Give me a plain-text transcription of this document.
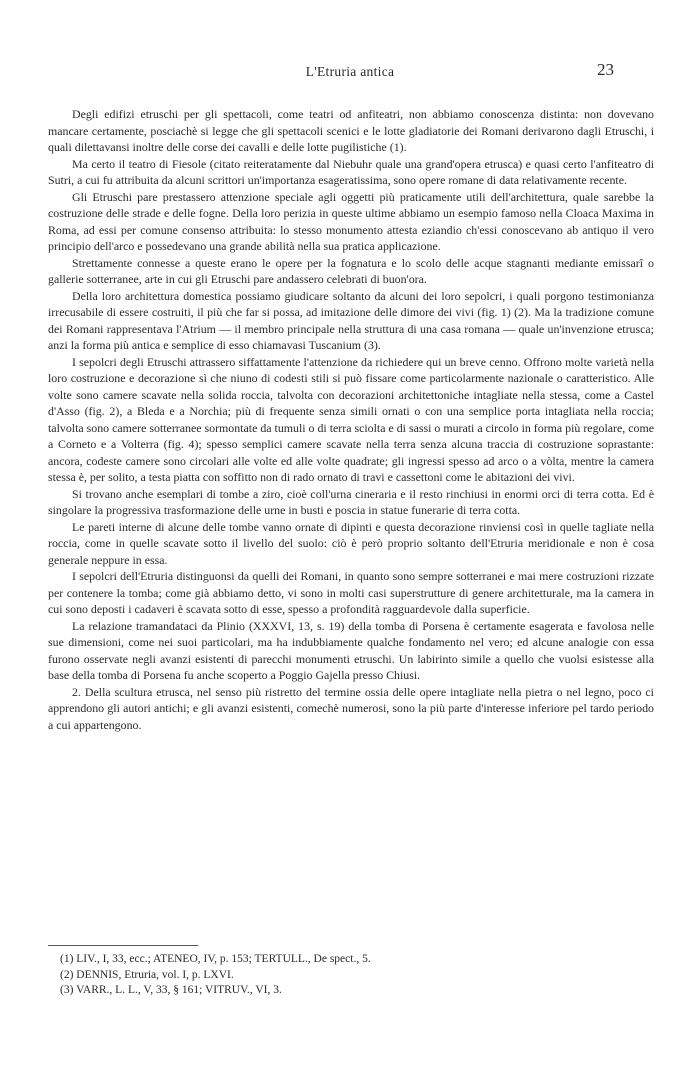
L'Etruria antica	23

Degli edifizi etruschi per gli spettacoli, come teatri od anfiteatri, non abbiamo conoscenza distinta: non dovevano mancare certamente, posciachè si legge che gli spettacoli scenici e le lotte gladiatorie dei Romani derivarono dagli Etruschi, i quali dilettavansi inoltre delle corse dei cavalli e delle lotte pugilistiche (1).

Ma certo il teatro di Fiesole (citato reiteratamente dal Niebuhr quale una grand'opera etrusca) e quasi certo l'anfiteatro di Sutri, a cui fu attribuita da alcuni scrittori un'importanza esageratissima, sono opere romane di data relativamente recente.

Gli Etruschi pare prestassero attenzione speciale agli oggetti più praticamente utili dell'architettura, quale sarebbe la costruzione delle strade e delle fogne. Della loro perizia in queste ultime abbiamo un esempio famoso nella Cloaca Maxima in Roma, ad essi per comune consenso attribuita: lo stesso monumento attesta eziandio ch'essi conoscevano ab antiquo il vero principio dell'arco e possedevano una grande abilità nella sua pratica applicazione.

Strettamente connesse a queste erano le opere per la fognatura e lo scolo delle acque stagnanti mediante emissarî o gallerie sotterranee, arte in cui gli Etruschi pare andassero celebrati di buon'ora.

Della loro architettura domestica possiamo giudicare soltanto da alcuni dei loro sepolcri, i quali porgono testimonianza irrecusabile di essere costruiti, il più che far si possa, ad imitazione delle dimore dei vivi (fig. 1) (2). Ma la tradizione comune dei Romani rappresentava l'Atrium — il membro principale nella struttura di una casa romana — quale un'invenzione etrusca; anzi la forma più antica e semplice di esso chiamavasi Tuscanium (3).

I sepolcri degli Etruschi attrassero siffattamente l'attenzione da richiedere qui un breve cenno. Offrono molte varietà nella loro costruzione e decorazione sì che niuno di codesti stili si può fissare come particolarmente nazionale o caratteristico. Alle volte sono camere scavate nella solida roccia, talvolta con decorazioni architettoniche intagliate nella stessa, come a Castel d'Asso (fig. 2), a Bleda e a Norchia; più di frequente senza simili ornati o con una semplice porta intagliata nella roccia; talvolta sono camere sotterranee sormontate da tumuli o di terra sciolta e di sassi o murati a circolo in forma più regolare, come a Corneto e a Volterra (fig. 4); spesso semplici camere scavate nella terra senza alcuna traccia di costruzione soprastante: ancora, codeste camere sono circolari alle volte ed alle volte quadrate; gli ingressi spesso ad arco o a vòlta, mentre la camera stessa è, per solito, a testa piatta con soffitto non di rado ornato di travi e cassettoni come le abitazioni dei vivi.

Si trovano anche esemplari di tombe a ziro, cioè coll'urna cineraria e il resto rinchiusi in enormi orci di terra cotta. Ed è singolare la progressiva trasformazione delle urne in busti e poscia in statue funerarie di terra cotta.

Le pareti interne di alcune delle tombe vanno ornate di dipinti e questa decorazione rinviensi così in quelle tagliate nella roccia, come in quelle scavate sotto il livello del suolo: ciò è però proprio soltanto dell'Etruria meridionale e non è cosa generale neppure in essa.

I sepolcri dell'Etruria distinguonsi da quelli dei Romani, in quanto sono sempre sotterranei e mai mere costruzioni rizzate per contenere la tomba; come già abbiamo detto, vi sono in molti casi superstrutture di genere architetturale, ma la camera in cui sono deposti i cadaveri è scavata sotto di esse, spesso a profondità ragguardevole dalla superficie.

La relazione tramandataci da Plinio (XXXVI, 13, s. 19) della tomba di Porsena è certamente esagerata e favolosa nelle sue dimensioni, come nei suoi particolari, ma ha indubbiamente qualche fondamento nel vero; ed alcune analogie con essa furono osservate negli avanzi esistenti di parecchi monumenti etruschi. Un labirinto simile a quello che vuolsi esistesse alla base della tomba di Porsena fu anche scoperto a Poggio Gajella presso Chiusi.

2. Della scultura etrusca, nel senso più ristretto del termine ossia delle opere intagliate nella pietra o nel legno, poco ci apprendono gli autori antichi; e gli avanzi esistenti, comechè numerosi, sono la più parte d'interesse inferiore pel tardo periodo a cui appartengono.

(1) LIV., I, 33, ecc.; ATENEO, IV, p. 153; TERTULL., De spect., 5.
(2) DENNIS, Etruria, vol. I, p. LXVI.
(3) VARR., L. L., V, 33, § 161; VITRUV., VI, 3.
